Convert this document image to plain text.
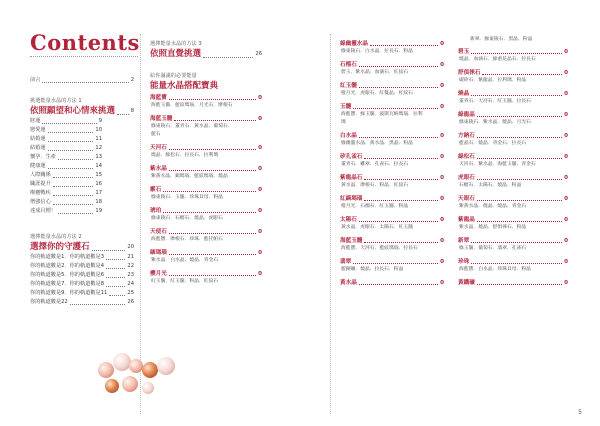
Contents
前言	2
挑選能量水晶的方法 1
依照願望和心情來挑選	8
財運	9
戀愛運	10
結婚運	11
結婚運	12
懷孕．生產	13
健康運	14
人際關係	15
職涯提升	16
療癒戰疾	17
增強信心	18
達成目標！	19
選擇能量水晶的方法 2
選擇你的守護石	20
你的軌道數是1．你的軌道數是3	21
你的軌道數是2．你的軌道數是4	22
你的軌道數是5．你的軌道數是6	23
你的軌道數是7．你的軌道數是8	24
你的軌道數是9．你的軌道數是11	25
你的軌道數是22	26
選擇能量水晶的方法 3
依照直覺挑選	26
給你滿滿的必要能量
能量水晶搭配寶典
海藍寶	0
海藍玉髓．藍紋瑪瑙．月光石．摩根石
海藍玉髓	0
綠東陵石．董青石．黃水晶．葡萄石．
藍石
天河石	0
燒晶．綠松石．拉長石．拉利瑪
紫水晶	0
紫黃水晶．鎢瑪瑙．藍紋瑪瑙．燒晶
霰石	0
綠東陵石．玉髓．珍珠貝母．粉晶
琥珀	0
綠東陵石．石榴石．燒晶．虎眼石
天使石	0
海藍寶．摩根石．珍珠．藍托帕石
緬瑪瑙	0
紫水晶．白水晶．燒晶．青金石
櫻月光	0
紅玉髓．紅玉髓．粉晶．紅紋石
綠幽靈水晶	0
綠東陵石．白水晶．拉長石．粉晶
石榴石	0
碧玉．紫水晶．血滴石．紅紋石
紅玉髓	0
橙月光．虎眼石．紅髮晶．紅紋石
玉髓	0
海藍寶．綠玉髓．波斯瓦納瑪瑙．拉利
瑪
白水晶	0
綠幽靈水晶．黃水晶．黑晶．粉晶
矽孔雀石	0
董青石．雞翠．孔雀石．拉長石
紫龍晶石	0
黃水晶．摩根石．粉晶．紅紋石
紅縞瑪瑙	0
橙月光．石榴石．紅玉髓．粉晶
太陽石	0
黃水晶．虎眼石．太陽石．紅玉髓
海藍玉髓	0
海藍寶．天河石．藍紋瑪瑙．拉長石
翡翠	0
藍銅礦．燒晶．拉長石．粉晶
黃水晶	0
新翠．綠東陵石．黑晶．粉晶
碧玉	0
燒晶．血滴石．綠重花晶石．拉長石
舒俱徠石	0
碳矽石．紫龍晶．拉利瑪．粉晶
燒晶	0
董青石．天河石．紅玉髓．拉長石
綠龍晶	0
綠東陵石．紫水晶．燒晶．月光石
方鈉石	0
藍晶石．燒晶．青金石．拉長石
綠松石	0
天河石．紫水晶．海藍玉髓．青金石
虎眼石	0
石榴石．太陽石．燒晶．粉晶
天眼石	0
紫黃水晶．燒晶．燒晶．青金石
紫龍晶	0
紫水晶．燒晶．舒俱徠石．粉晶
新翠	0
綠玉髓．葡萄石．翡翠．孔雀石
珍珠	0
海藍寶．白水晶．珍珠貝母．粉晶
黃鐵礦	0
5
